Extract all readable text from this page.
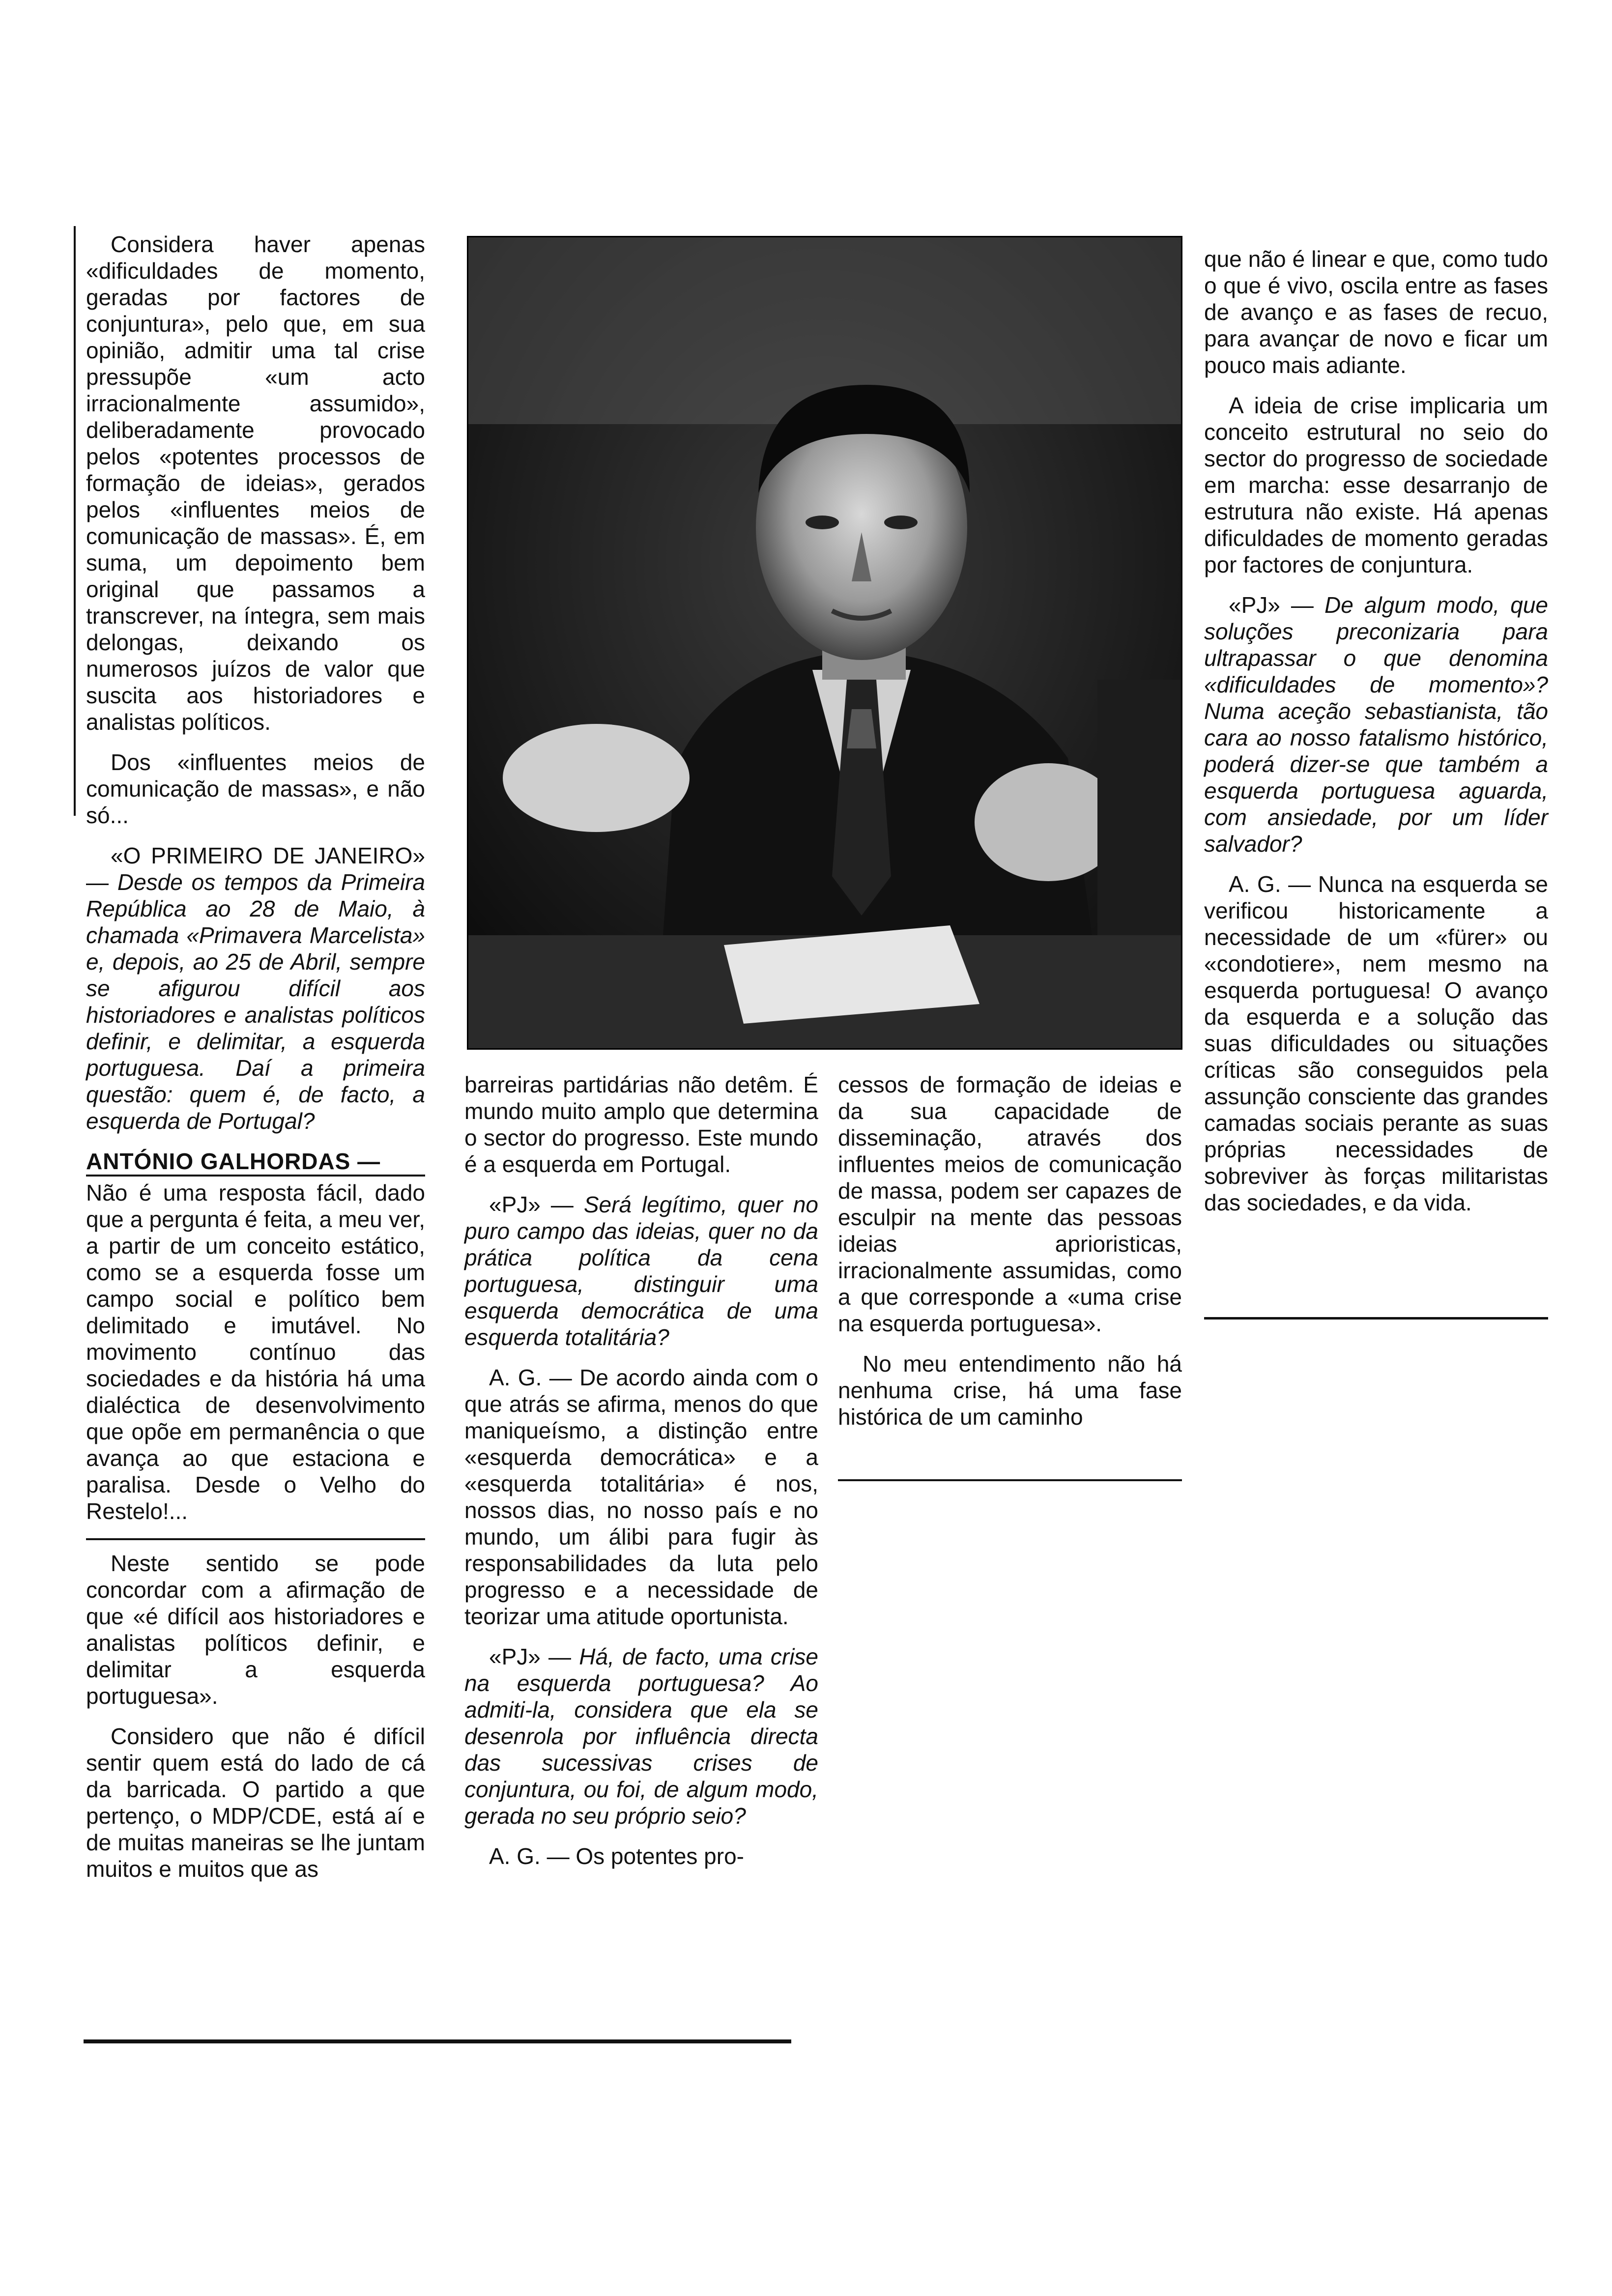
Considera haver apenas «dificuldades de momento, geradas por factores de conjuntura», pelo que, em sua opinião, admitir uma tal crise pressupõe «um acto irracionalmente assumido», deliberadamente provocado pelos «potentes processos de formação de ideias», gerados pelos «influentes meios de comunicação de massas». É, em suma, um depoimento bem original que passamos a transcrever, na íntegra, sem mais delongas, deixando os numerosos juízos de valor que suscita aos historiadores e analistas políticos.

Dos «influentes meios de comunicação de massas», e não só...

«O PRIMEIRO DE JANEIRO» — Desde os tempos da Primeira República ao 28 de Maio, à chamada «Primavera Marcelista» e, depois, ao 25 de Abril, sempre se afigurou difícil aos historiadores e analistas políticos definir, e delimitar, a esquerda portuguesa. Daí a primeira questão: quem é, de facto, a esquerda de Portugal?

ANTÓNIO GALHORDAS —

Não é uma resposta fácil, dado que a pergunta é feita, a meu ver, a partir de um conceito estático, como se a esquerda fosse um campo social e político bem delimitado e imutável. No movimento contínuo das sociedades e da história há uma dialéctica de desenvolvimento que opõe em permanência o que avança ao que estaciona e paralisa. Desde o Velho do Restelo!...

Neste sentido se pode concordar com a afirmação de que «é difícil aos historiadores e analistas políticos definir, e delimitar a esquerda portuguesa».

Considero que não é difícil sentir quem está do lado de cá da barricada. O partido a que pertenço, o MDP/CDE, está aí e de muitas maneiras se lhe juntam muitos e muitos que as

barreiras partidárias não detêm. É mundo muito amplo que determina o sector do progresso. Este mundo é a esquerda em Portugal.

«PJ» — Será legítimo, quer no puro campo das ideias, quer no da prática política da cena portuguesa, distinguir uma esquerda democrática de uma esquerda totalitária?

A. G. — De acordo ainda com o que atrás se afirma, menos do que maniqueísmo, a distinção entre «esquerda democrática» e a «esquerda totalitária» é nos, nossos dias, no nosso país e no mundo, um álibi para fugir às responsabilidades da luta pelo progresso e a necessidade de teorizar uma atitude oportunista.

«PJ» — Há, de facto, uma crise na esquerda portuguesa? Ao admiti-la, considera que ela se desenrola por influência directa das sucessivas crises de conjuntura, ou foi, de algum modo, gerada no seu próprio seio?

A. G. — Os potentes pro-

cessos de formação de ideias e da sua capacidade de disseminação, através dos influentes meios de comunicação de massa, podem ser capazes de esculpir na mente das pessoas ideias aprioristicas, irracionalmente assumidas, como a que corresponde a «uma crise na esquerda portuguesa».

No meu entendimento não há nenhuma crise, há uma fase histórica de um caminho

que não é linear e que, como tudo o que é vivo, oscila entre as fases de avanço e as fases de recuo, para avançar de novo e ficar um pouco mais adiante.

A ideia de crise implicaria um conceito estrutural no seio do sector do progresso de sociedade em marcha: esse desarranjo de estrutura não existe. Há apenas dificuldades de momento geradas por factores de conjuntura.

«PJ» — De algum modo, que soluções preconizaria para ultrapassar o que denomina «dificuldades de momento»? Numa aceção sebastianista, tão cara ao nosso fatalismo histórico, poderá dizer-se que também a esquerda portuguesa aguarda, com ansiedade, por um líder salvador?

A. G. — Nunca na esquerda se verificou historicamente a necessidade de um «fürer» ou «condotiere», nem mesmo na esquerda portuguesa! O avanço da esquerda e a solução das suas dificuldades ou situações críticas são conseguidos pela assunção consciente das grandes camadas sociais perante as suas próprias necessidades de sobreviver às forças militaristas das sociedades, e da vida.
